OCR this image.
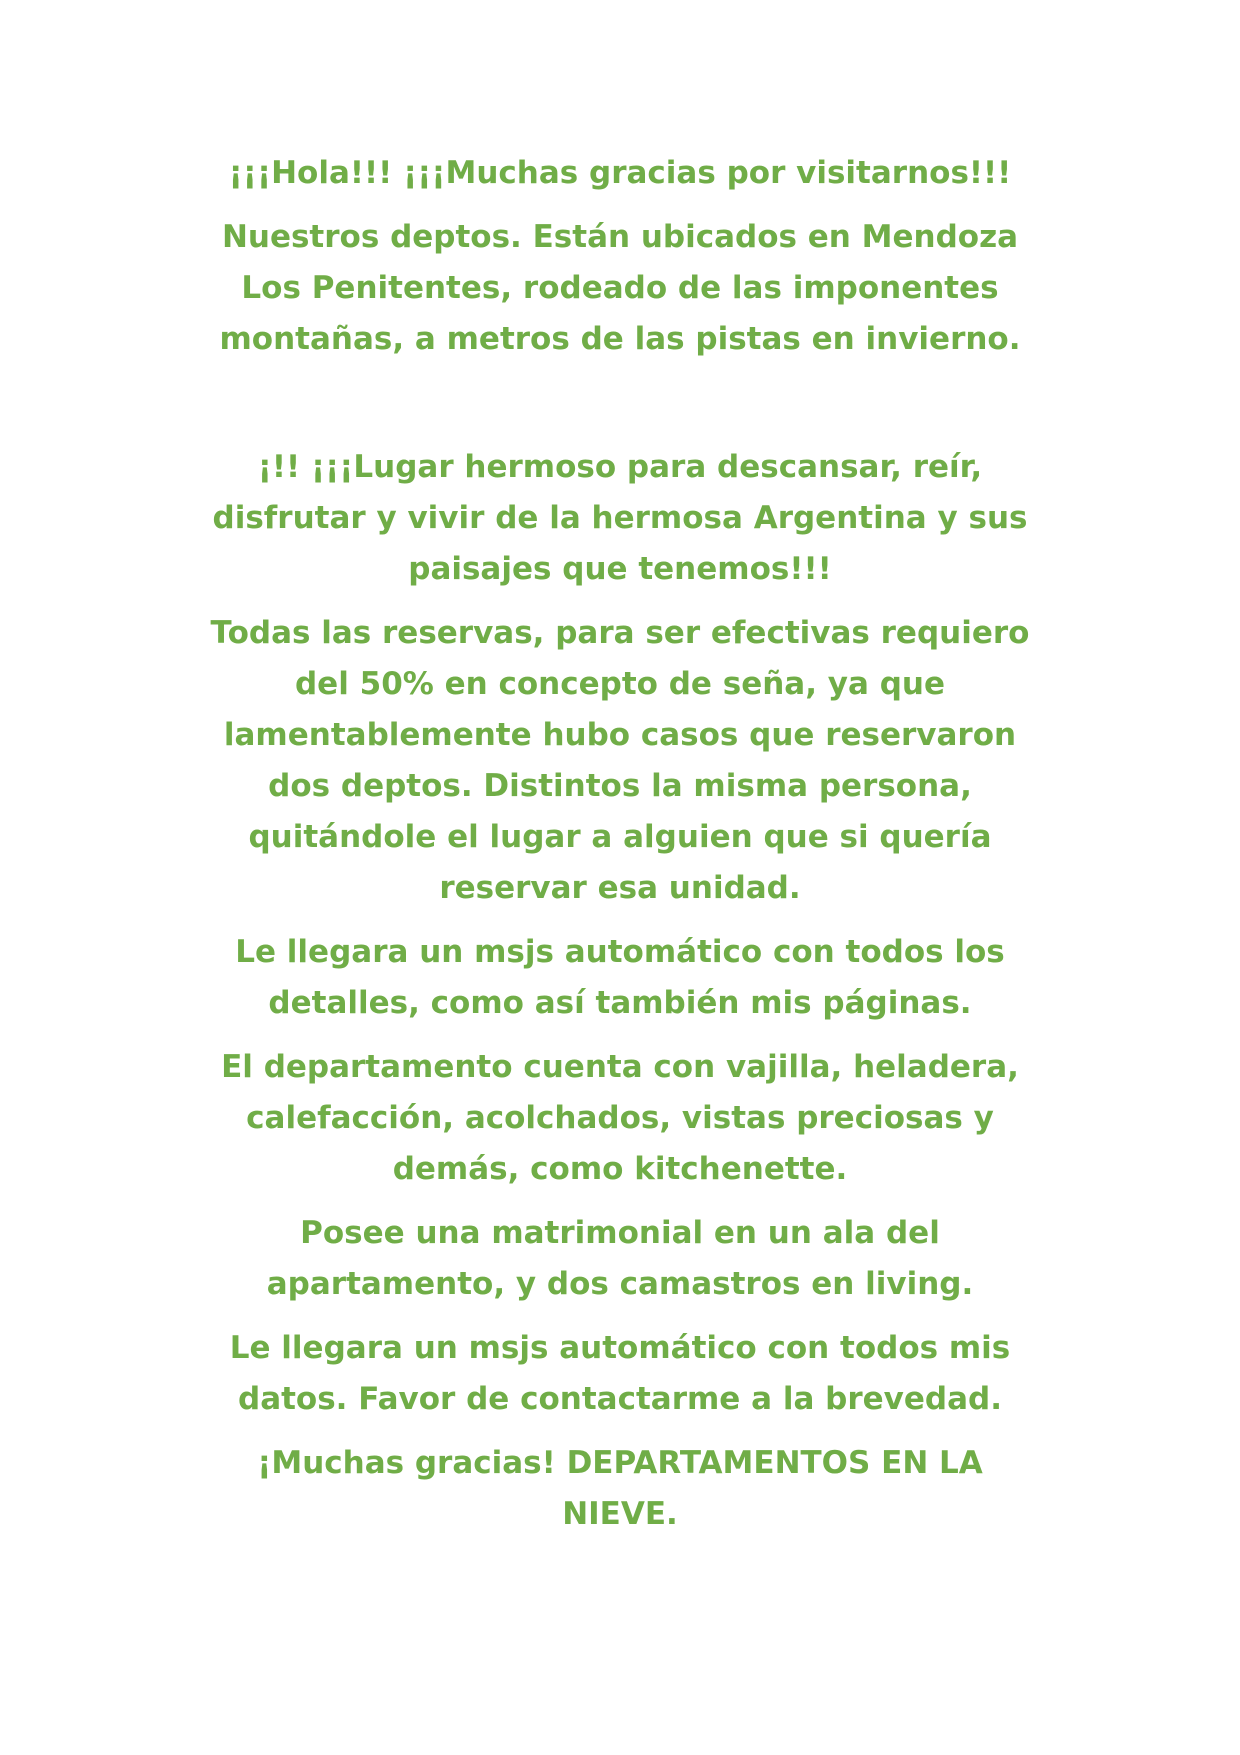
¡¡¡Hola!!! ¡¡¡Muchas gracias por visitarnos!!!

Nuestros deptos. Están ubicados en Mendoza
Los Penitentes, rodeado de las imponentes
montañas, a metros de las pistas en invierno.

¡!! ¡¡¡Lugar hermoso para descansar, reír,
disfrutar y vivir de la hermosa Argentina y sus
paisajes que tenemos!!!

Todas las reservas, para ser efectivas requiero
del 50% en concepto de seña, ya que
lamentablemente hubo casos que reservaron
dos deptos. Distintos la misma persona,
quitándole el lugar a alguien que si quería
reservar esa unidad.

Le llegara un msjs automático con todos los
detalles, como así también mis páginas.

El departamento cuenta con vajilla, heladera,
calefacción, acolchados, vistas preciosas y
demás, como kitchenette.

Posee una matrimonial en un ala del
apartamento, y dos camastros en living.

Le llegara un msjs automático con todos mis
datos. Favor de contactarme a la brevedad.

¡Muchas gracias! DEPARTAMENTOS EN LA
NIEVE.
